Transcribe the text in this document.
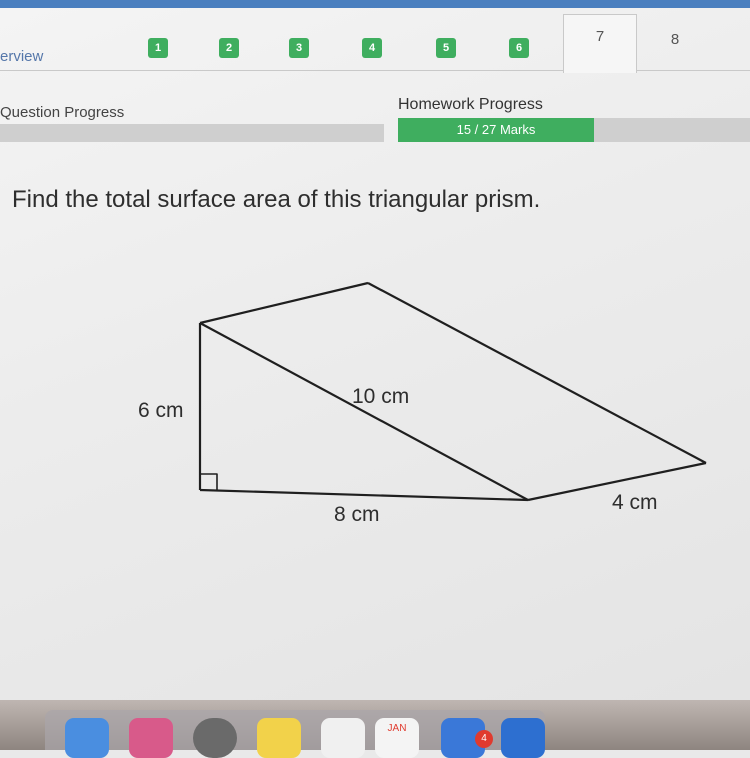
erview	1	2	3	4	5	6
7	8
Question Progress	Homework Progress
15 / 27 Marks
Find the total surface area of this triangular prism.
6 cm
10 cm
8 cm
4 cm
JAN
4
